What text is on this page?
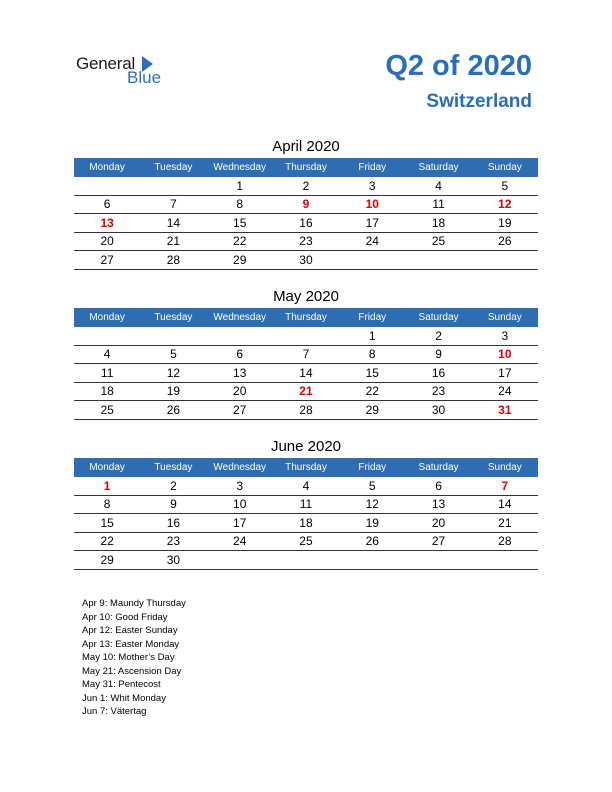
General
Blue	Q2 of 2020
Switzerland
April 2020
Monday	Tuesday	Wednesday	Thursday	Friday	Saturday	Sunday
		1	2	3	4	5
6	7	8	9	10	11	12
13	14	15	16	17	18	19
20	21	22	23	24	25	26
27	28	29	30			
May 2020
Monday	Tuesday	Wednesday	Thursday	Friday	Saturday	Sunday
				1	2	3
4	5	6	7	8	9	10
11	12	13	14	15	16	17
18	19	20	21	22	23	24
25	26	27	28	29	30	31
June 2020
Monday	Tuesday	Wednesday	Thursday	Friday	Saturday	Sunday
1	2	3	4	5	6	7
8	9	10	11	12	13	14
15	16	17	18	19	20	21
22	23	24	25	26	27	28
29	30					
Apr 9: Maundy Thursday
Apr 10: Good Friday
Apr 12: Easter Sunday
Apr 13: Easter Monday
May 10: Mother’s Day
May 21: Ascension Day
May 31: Pentecost
Jun 1: Whit Monday
Jun 7: Vätertag
